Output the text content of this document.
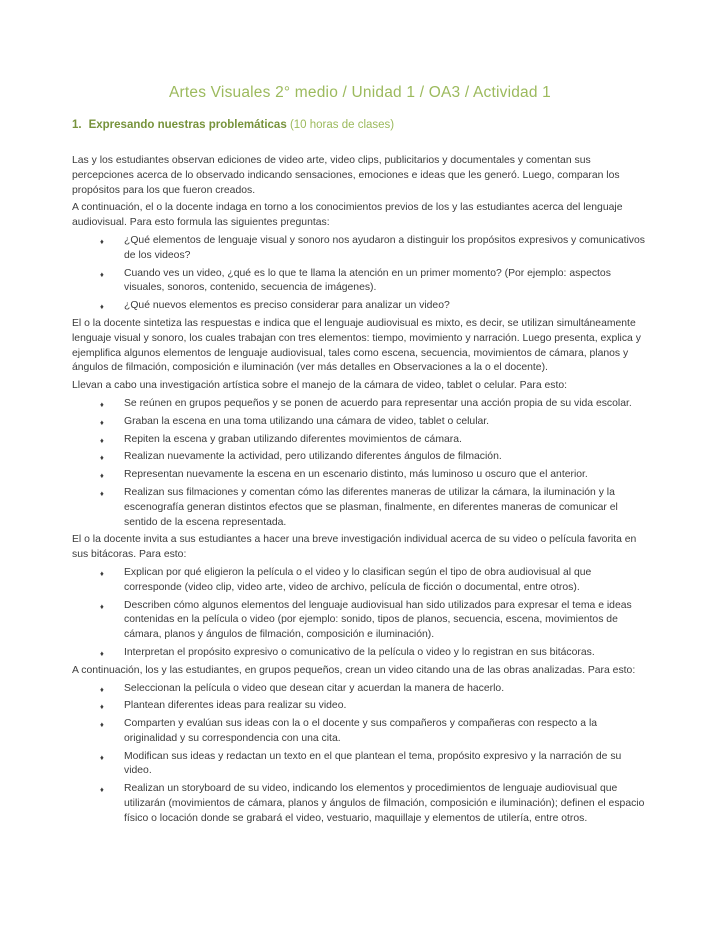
Artes Visuales 2° medio / Unidad 1 / OA3 / Actividad 1
1. Expresando nuestras problemáticas (10 horas de clases)

Las y los estudiantes observan ediciones de video arte, video clips, publicitarios y documentales y comentan sus percepciones acerca de lo observado indicando sensaciones, emociones e ideas que les generó. Luego, comparan los propósitos para los que fueron creados.

A continuación, el o la docente indaga en torno a los conocimientos previos de los y las estudiantes acerca del lenguaje audiovisual. Para esto formula las siguientes preguntas:

♦ ¿Qué elementos de lenguaje visual y sonoro nos ayudaron a distinguir los propósitos expresivos y comunicativos de los videos?
♦ Cuando ves un video, ¿qué es lo que te llama la atención en un primer momento? (Por ejemplo: aspectos visuales, sonoros, contenido, secuencia de imágenes).
♦ ¿Qué nuevos elementos es preciso considerar para analizar un video?

El o la docente sintetiza las respuestas e indica que el lenguaje audiovisual es mixto, es decir, se utilizan simultáneamente lenguaje visual y sonoro, los cuales trabajan con tres elementos: tiempo, movimiento y narración. Luego presenta, explica y ejemplifica algunos elementos de lenguaje audiovisual, tales como escena, secuencia, movimientos de cámara, planos y ángulos de filmación, composición e iluminación (ver más detalles en Observaciones a la o el docente).

Llevan a cabo una investigación artística sobre el manejo de la cámara de video, tablet o celular. Para esto:

♦ Se reúnen en grupos pequeños y se ponen de acuerdo para representar una acción propia de su vida escolar.
♦ Graban la escena en una toma utilizando una cámara de video, tablet o celular.
♦ Repiten la escena y graban utilizando diferentes movimientos de cámara.
♦ Realizan nuevamente la actividad, pero utilizando diferentes ángulos de filmación.
♦ Representan nuevamente la escena en un escenario distinto, más luminoso u oscuro que el anterior.
♦ Realizan sus filmaciones y comentan cómo las diferentes maneras de utilizar la cámara, la iluminación y la escenografía generan distintos efectos que se plasman, finalmente, en diferentes maneras de comunicar el sentido de la escena representada.

El o la docente invita a sus estudiantes a hacer una breve investigación individual acerca de su video o película favorita en sus bitácoras. Para esto:

♦ Explican por qué eligieron la película o el video y lo clasifican según el tipo de obra audiovisual al que corresponde (video clip, video arte, video de archivo, película de ficción o documental, entre otros).
♦ Describen cómo algunos elementos del lenguaje audiovisual han sido utilizados para expresar el tema e ideas contenidas en la película o video (por ejemplo: sonido, tipos de planos, secuencia, escena, movimientos de cámara, planos y ángulos de filmación, composición e iluminación).
♦ Interpretan el propósito expresivo o comunicativo de la película o video y lo registran en sus bitácoras.

A continuación, los y las estudiantes, en grupos pequeños, crean un video citando una de las obras analizadas. Para esto:

♦ Seleccionan la película o video que desean citar y acuerdan la manera de hacerlo.
♦ Plantean diferentes ideas para realizar su video.
♦ Comparten y evalúan sus ideas con la o el docente y sus compañeros y compañeras con respecto a la originalidad y su correspondencia con una cita.
♦ Modifican sus ideas y redactan un texto en el que plantean el tema, propósito expresivo y la narración de su video.
♦ Realizan un storyboard de su video, indicando los elementos y procedimientos de lenguaje audiovisual que utilizarán (movimientos de cámara, planos y ángulos de filmación, composición e iluminación); definen el espacio físico o locación donde se grabará el video, vestuario, maquillaje y elementos de utilería, entre otros.
